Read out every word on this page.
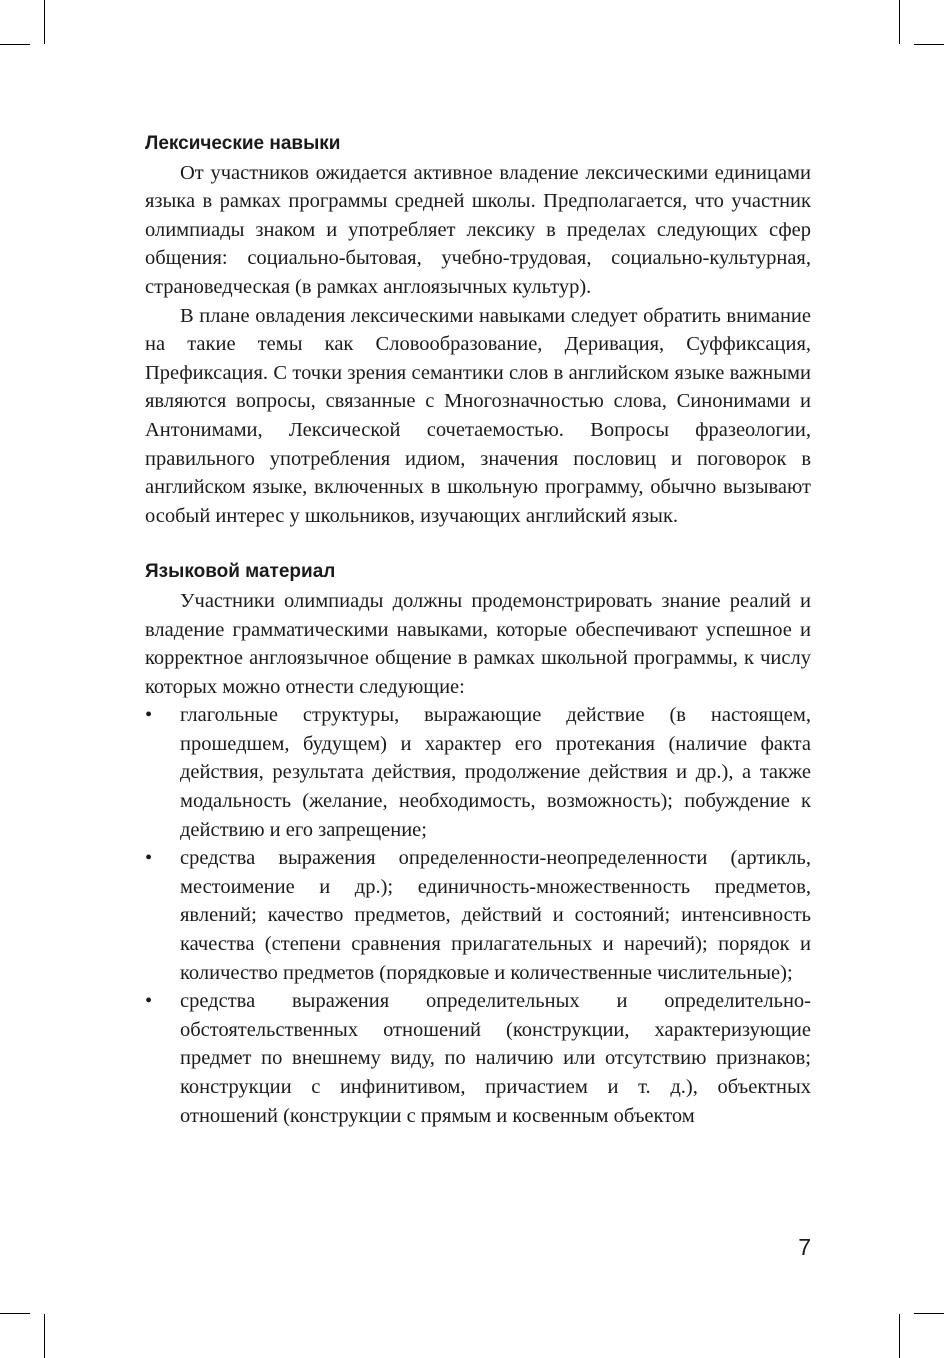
Лексические навыки

От участников ожидается активное владение лексическими единицами языка в рамках программы средней школы. Предполагается, что участник олимпиады знаком и употребляет лексику в пределах следующих сфер общения: социально-бытовая, учебно-трудовая, социально-культурная, страноведческая (в рамках англоязычных культур).

В плане овладения лексическими навыками следует обратить внимание на такие темы как Словообразование, Деривация, Суффиксация, Префиксация. С точки зрения семантики слов в английском языке важными являются вопросы, связанные с Многозначностью слова, Синонимами и Антонимами, Лексической сочетаемостью. Вопросы фразеологии, правильного употребления идиом, значения пословиц и поговорок в английском языке, включенных в школьную программу, обычно вызывают особый интерес у школьников, изучающих английский язык.

Языковой материал

Участники олимпиады должны продемонстрировать знание реалий и владение грамматическими навыками, которые обеспечивают успешное и корректное англоязычное общение в рамках школьной программы, к числу которых можно отнести следующие:

• глагольные структуры, выражающие действие (в настоящем, прошедшем, будущем) и характер его протекания (наличие факта действия, результата действия, продолжение действия и др.), а также модальность (желание, необходимость, возможность); побуждение к действию и его запрещение;
• средства выражения определенности-неопределенности (артикль, местоимение и др.); единичность-множественность предметов, явлений; качество предметов, действий и состояний; интенсивность качества (степени сравнения прилагательных и наречий); порядок и количество предметов (порядковые и количественные числительные);
• средства выражения определительных и определительно-обстоятельственных отношений (конструкции, характеризующие предмет по внешнему виду, по наличию или отсутствию признаков; конструкции с инфинитивом, причастием и т. д.), объектных отношений (конструкции с прямым и косвенным объектом
7
